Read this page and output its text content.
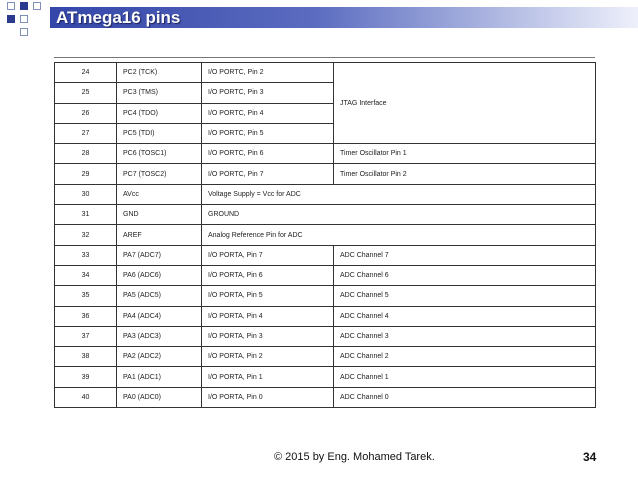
ATmega16 pins
24	PC2 (TCK)	I/O PORTC, Pin 2	JTAG Interface
25	PC3 (TMS)	I/O PORTC, Pin 3	
26	PC4 (TDO)	I/O PORTC, Pin 4	
27	PC5 (TDI)	I/O PORTC, Pin 5	
28	PC6 (TOSC1)	I/O PORTC, Pin 6	Timer Oscillator Pin 1
29	PC7 (TOSC2)	I/O PORTC, Pin 7	Timer Oscillator Pin 2
30	AVcc	Voltage Supply = Vcc for ADC	
31	GND	GROUND	
32	AREF	Analog Reference Pin for ADC	
33	PA7 (ADC7)	I/O PORTA, Pin 7	ADC Channel 7
34	PA6 (ADC6)	I/O PORTA, Pin 6	ADC Channel 6
35	PA5 (ADC5)	I/O PORTA, Pin 5	ADC Channel 5
36	PA4 (ADC4)	I/O PORTA, Pin 4	ADC Channel 4
37	PA3 (ADC3)	I/O PORTA, Pin 3	ADC Channel 3
38	PA2 (ADC2)	I/O PORTA, Pin 2	ADC Channel 2
39	PA1 (ADC1)	I/O PORTA, Pin 1	ADC Channel 1
40	PA0 (ADC0)	I/O PORTA, Pin 0	ADC Channel 0
© 2015 by Eng. Mohamed Tarek.	34
